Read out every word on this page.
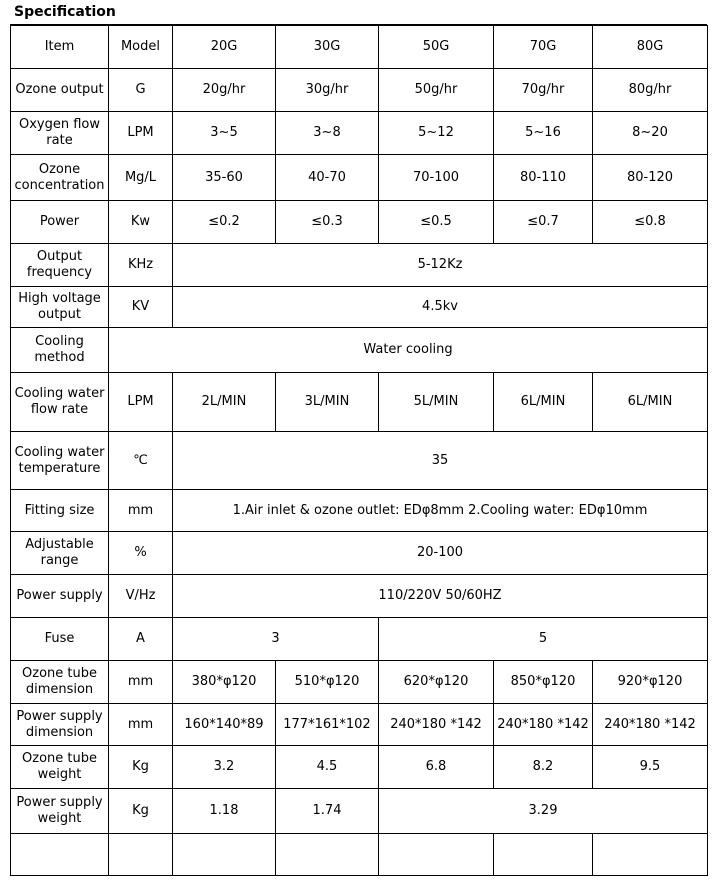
Specification
Item	Model	20G	30G	50G	70G	80G
Ozone output	G	20g/hr	30g/hr	50g/hr	70g/hr	80g/hr
Oxygen flow rate	LPM	3~5	3~8	5~12	5~16	8~20
Ozone concentration	Mg/L	35-60	40-70	70-100	80-110	80-120
Power	Kw	≤0.2	≤0.3	≤0.5	≤0.7	≤0.8
Output frequency	KHz	5-12Kz				
High voltage output	KV	4.5kv				
Cooling method	Water cooling					
Cooling water flow rate	LPM	2L/MIN	3L/MIN	5L/MIN	6L/MIN	6L/MIN
Cooling water temperature	℃	35				
Fitting size	mm	1.Air inlet & ozone outlet: EDφ8mm 2.Cooling water: EDφ10mm				
Adjustable range	%	20-100				
Power supply	V/Hz	110/220V 50/60HZ				
Fuse	A	3		5		
Ozone tube dimension	mm	380*φ120	510*φ120	620*φ120	850*φ120	920*φ120
Power supply dimension	mm	160*140*89	177*161*102	240*180 *142	240*180 *142	240*180 *142
Ozone tube weight	Kg	3.2	4.5	6.8	8.2	9.5
Power supply weight	Kg	1.18	1.74	3.29		
